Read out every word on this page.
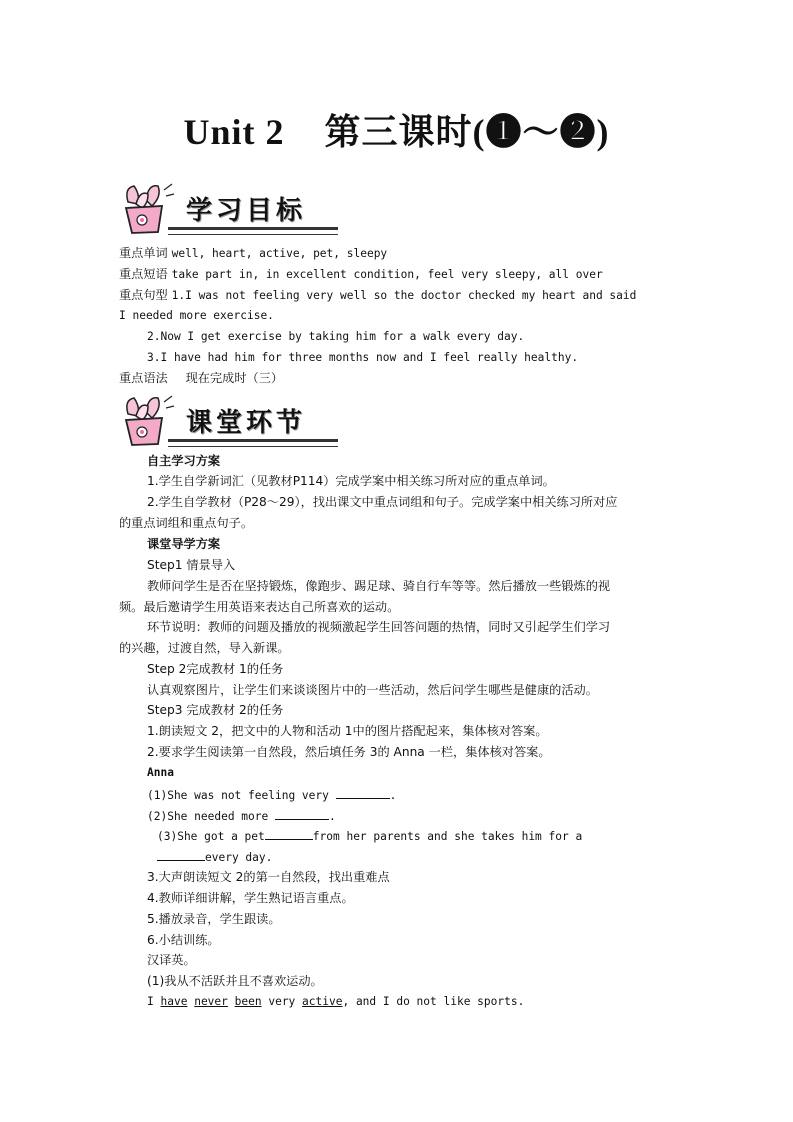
Unit 2 第三课时(❶～❷)
学习目标
重点单词 well, heart, active, pet, sleepy
重点短语 take part in, in excellent condition, feel very sleepy, all over
重点句型 1.I was not feeling very well so the doctor checked my heart and said
I needed more exercise.
2.Now I get exercise by taking him for a walk every day.
3.I have had him for three months now and I feel really healthy.
重点语法 现在完成时（三）
课堂环节
自主学习方案
1.学生自学新词汇（见教材P114）完成学案中相关练习所对应的重点单词。
2.学生自学教材（P28～29），找出课文中重点词组和句子。完成学案中相关练习所对应
的重点词组和重点句子。
课堂导学方案
Step1 情景导入
教师问学生是否在坚持锻炼，像跑步、踢足球、骑自行车等等。然后播放一些锻炼的视
频。最后邀请学生用英语来表达自己所喜欢的运动。
环节说明：教师的问题及播放的视频激起学生回答问题的热情，同时又引起学生们学习
的兴趣，过渡自然，导入新课。
Step 2完成教材 1的任务
认真观察图片，让学生们来谈谈图片中的一些活动，然后问学生哪些是健康的活动。
Step3 完成教材 2的任务
1.朗读短文 2，把文中的人物和活动 1中的图片搭配起来，集体核对答案。
2.要求学生阅读第一自然段，然后填任务 3的 Anna 一栏，集体核对答案。
Anna
(1)She was not feeling very	.
(2)She needed more	.
(3)She got a pet	from her parents and she takes him for a
every day.
3.大声朗读短文 2的第一自然段，找出重难点
4.教师详细讲解，学生熟记语言重点。
5.播放录音，学生跟读。
6.小结训练。
汉译英。
(1)我从不活跃并且不喜欢运动。
I have never been very active, and I do not like sports.
